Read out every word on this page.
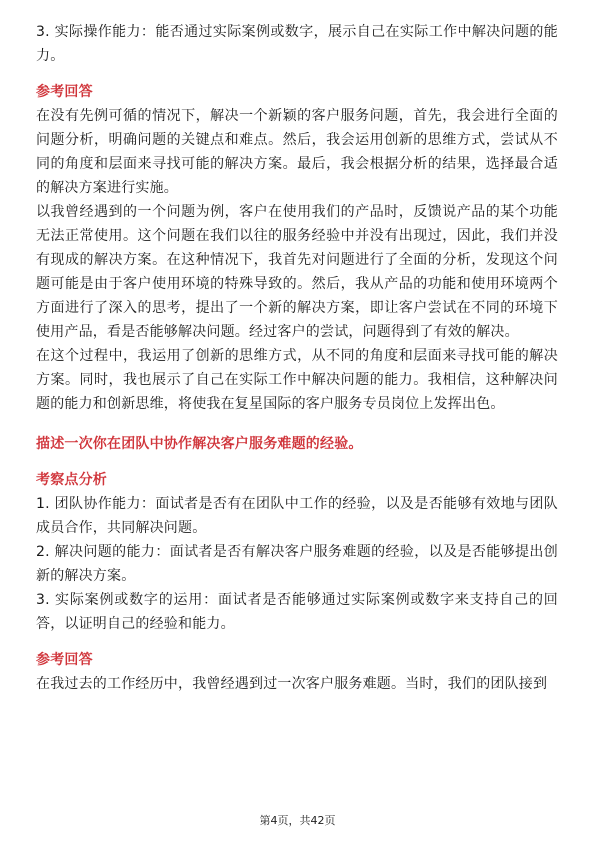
3. 实际操作能力：能否通过实际案例或数字，展示自己在实际工作中解决问题的能力。

参考回答

在没有先例可循的情况下，解决一个新颖的客户服务问题，首先，我会进行全面的问题分析，明确问题的关键点和难点。然后，我会运用创新的思维方式，尝试从不同的角度和层面来寻找可能的解决方案。最后，我会根据分析的结果，选择最合适的解决方案进行实施。

以我曾经遇到的一个问题为例，客户在使用我们的产品时，反馈说产品的某个功能无法正常使用。这个问题在我们以往的服务经验中并没有出现过，因此，我们并没有现成的解决方案。在这种情况下，我首先对问题进行了全面的分析，发现这个问题可能是由于客户使用环境的特殊导致的。然后，我从产品的功能和使用环境两个方面进行了深入的思考，提出了一个新的解决方案，即让客户尝试在不同的环境下使用产品，看是否能够解决问题。经过客户的尝试，问题得到了有效的解决。

在这个过程中，我运用了创新的思维方式，从不同的角度和层面来寻找可能的解决方案。同时，我也展示了自己在实际工作中解决问题的能力。我相信，这种解决问题的能力和创新思维，将使我在复星国际的客户服务专员岗位上发挥出色。

描述一次你在团队中协作解决客户服务难题的经验。

考察点分析

1. 团队协作能力：面试者是否有在团队中工作的经验，以及是否能够有效地与团队成员合作，共同解决问题。

2. 解决问题的能力：面试者是否有解决客户服务难题的经验，以及是否能够提出创新的解决方案。

3. 实际案例或数字的运用：面试者是否能够通过实际案例或数字来支持自己的回答，以证明自己的经验和能力。

参考回答

在我过去的工作经历中，我曾经遇到过一次客户服务难题。当时，我们的团队接到

第4页，共42页
